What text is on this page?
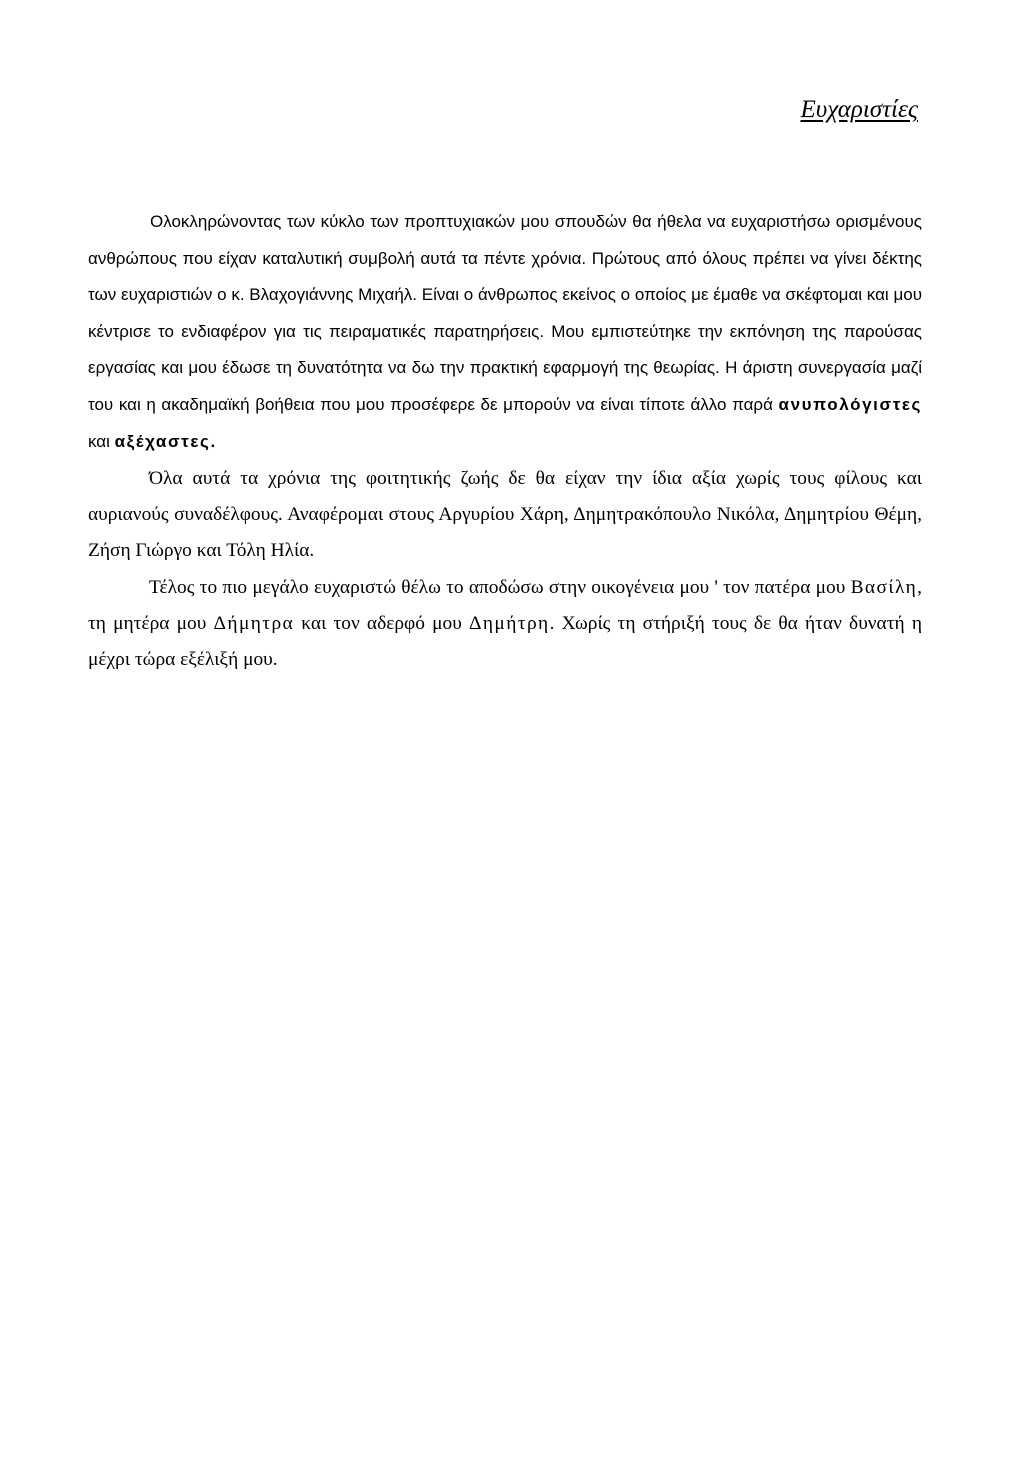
Ευχαριστίες

Ολοκληρώνοντας των κύκλο των προπτυχιακών μου σπουδών θα ήθελα να ευχαριστήσω ορισμένους ανθρώπους που είχαν καταλυτική συμβολή αυτά τα πέντε χρόνια. Πρώτους από όλους πρέπει να γίνει δέκτης των ευχαριστιών ο κ. Βλαχογιάννης Μιχαήλ. Είναι ο άνθρωπος εκείνος ο οποίος με έμαθε να σκέφτομαι και μου κέντρισε το ενδιαφέρον για τις πειραματικές παρατηρήσεις. Μου εμπιστεύτηκε την εκπόνηση της παρούσας εργασίας και μου έδωσε τη δυνατότητα να δω την πρακτική εφαρμογή της θεωρίας. Η άριστη συνεργασία μαζί του και η ακαδημαϊκή βοήθεια που μου προσέφερε δε μπορούν να είναι τίποτε άλλο παρά ανυπολόγιστες και αξέχαστες.

Όλα αυτά τα χρόνια της φοιτητικής ζωής δε θα είχαν την ίδια αξία χωρίς τους φίλους και αυριανούς συναδέλφους. Αναφέρομαι στους Αργυρίου Χάρη, Δημητρακόπουλο Νικόλα, Δημητρίου Θέμη, Ζήση Γιώργο και Τόλη Ηλία.

Τέλος το πιο μεγάλο ευχαριστώ θέλω το αποδώσω στην οικογένεια μου ' τον πατέρα μου Βασίλη, τη μητέρα μου Δήμητρα και τον αδερφό μου Δημήτρη. Χωρίς τη στήριξή τους δε θα ήταν δυνατή η μέχρι τώρα εξέλιξή μου.
